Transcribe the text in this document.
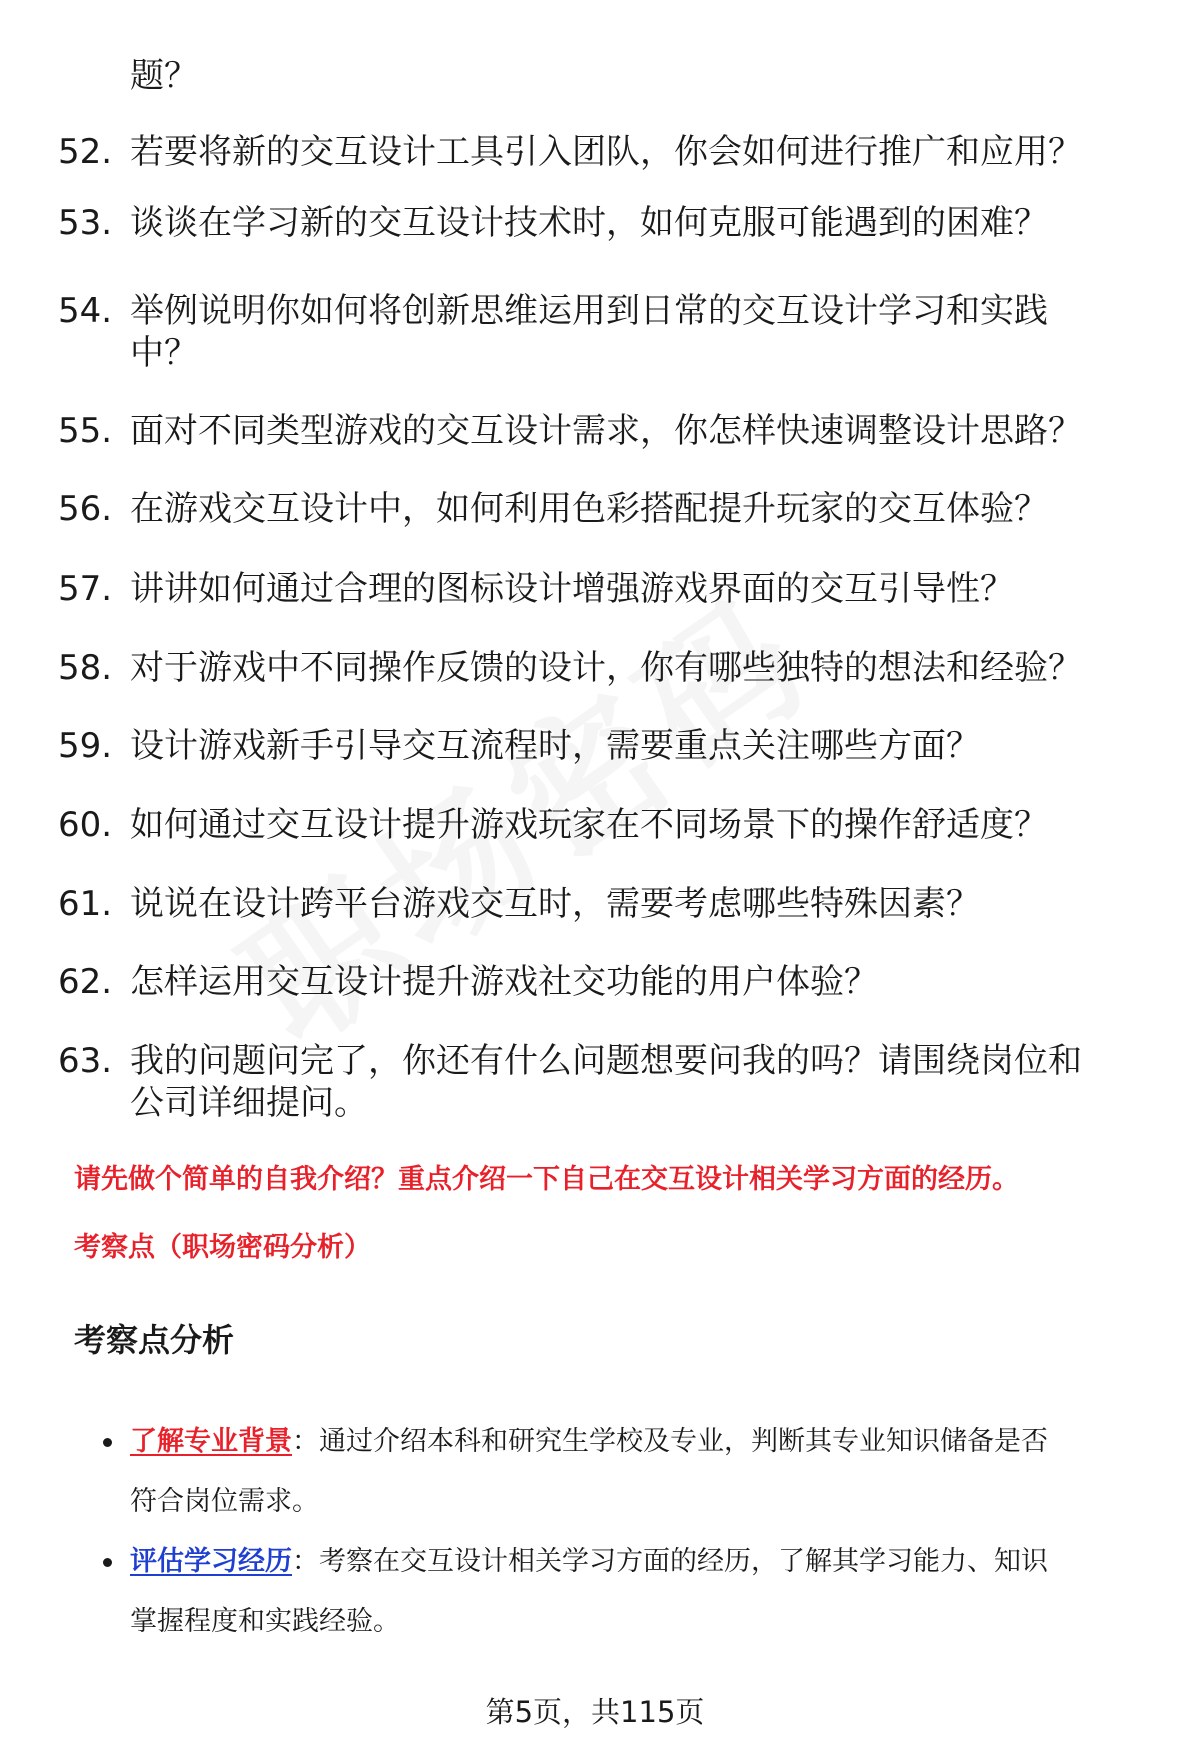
题？
52. 若要将新的交互设计工具引入团队，你会如何进行推广和应用？
53. 谈谈在学习新的交互设计技术时，如何克服可能遇到的困难？
54. 举例说明你如何将创新思维运用到日常的交互设计学习和实践
中？
55. 面对不同类型游戏的交互设计需求，你怎样快速调整设计思路？
56. 在游戏交互设计中，如何利用色彩搭配提升玩家的交互体验？
57. 讲讲如何通过合理的图标设计增强游戏界面的交互引导性？
58. 对于游戏中不同操作反馈的设计，你有哪些独特的想法和经验？
59. 设计游戏新手引导交互流程时，需要重点关注哪些方面？
60. 如何通过交互设计提升游戏玩家在不同场景下的操作舒适度？
61. 说说在设计跨平台游戏交互时，需要考虑哪些特殊因素？
62. 怎样运用交互设计提升游戏社交功能的用户体验？
63. 我的问题问完了，你还有什么问题想要问我的吗？请围绕岗位和
公司详细提问。
请先做个简单的自我介绍？重点介绍一下自己在交互设计相关学习方面的经历。
考察点（职场密码分析）
考察点分析
了解专业背景：通过介绍本科和研究生学校及专业，判断其专业知识储备是否
符合岗位需求。
评估学习经历：考察在交互设计相关学习方面的经历，了解其学习能力、知识
掌握程度和实践经验。
第5页，共115页
